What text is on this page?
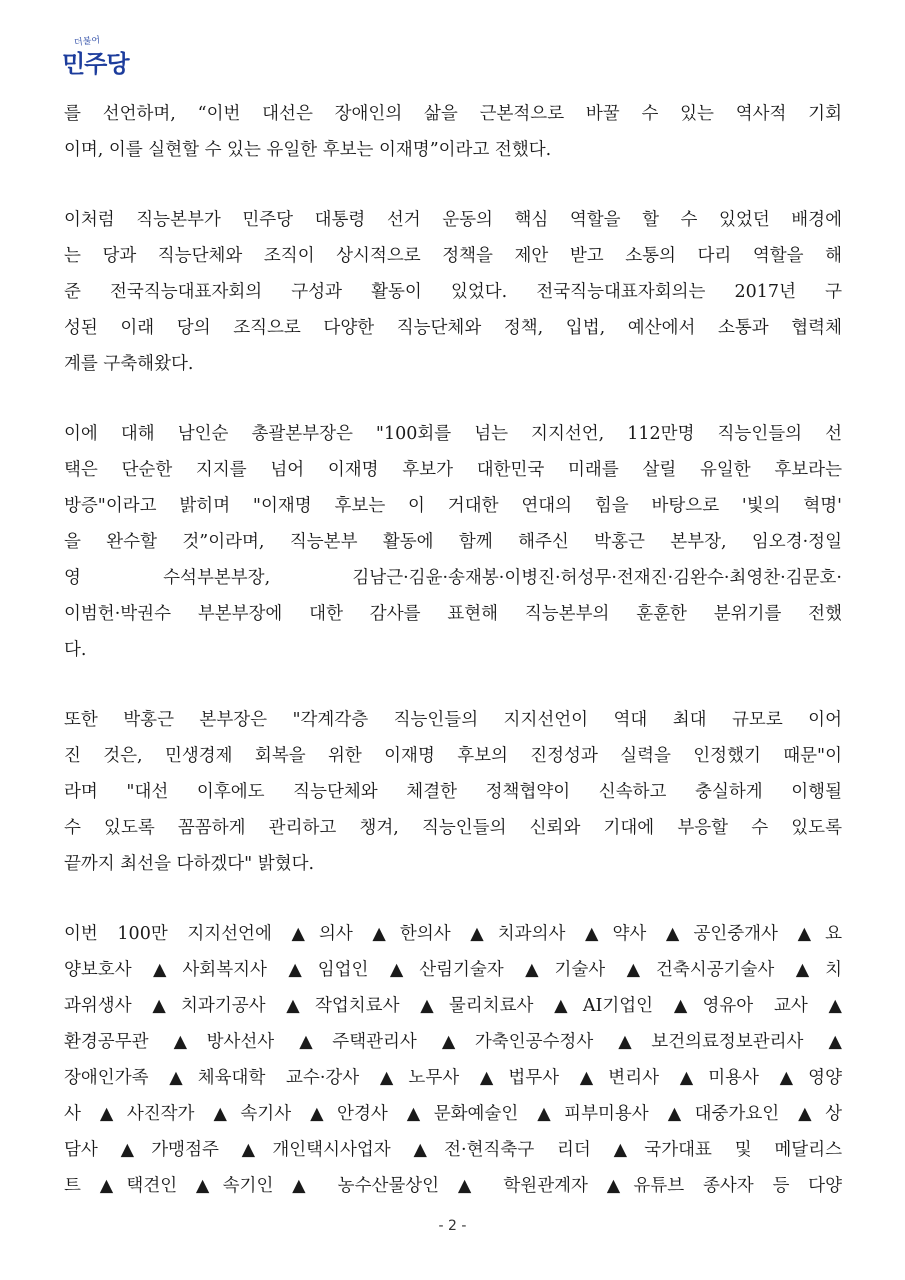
더불어
민주당
를 선언하며, “이번 대선은 장애인의 삶을 근본적으로 바꿀 수 있는 역사적 기회
이며, 이를 실현할 수 있는 유일한 후보는 이재명”이라고 전했다.
이처럼 직능본부가 민주당 대통령 선거 운동의 핵심 역할을 할 수 있었던 배경에
는 당과 직능단체와 조직이 상시적으로 정책을 제안 받고 소통의 다리 역할을 해
준 전국직능대표자회의 구성과 활동이 있었다. 전국직능대표자회의는 2017년 구
성된 이래 당의 조직으로 다양한 직능단체와 정책, 입법, 예산에서 소통과 협력체
계를 구축해왔다.
이에 대해 남인순 총괄본부장은 "100회를 넘는 지지선언, 112만명 직능인들의 선
택은 단순한 지지를 넘어 이재명 후보가 대한민국 미래를 살릴 유일한 후보라는
방증"이라고 밝히며 "이재명 후보는 이 거대한 연대의 힘을 바탕으로 '빛의 혁명'
을 완수할 것”이라며, 직능본부 활동에 함께 해주신 박홍근 본부장, 임오경·정일
영 수석부본부장, 김남근·김윤·송재봉·이병진·허성무·전재진·김완수·최영찬·김문호·
이범헌·박권수 부본부장에 대한 감사를 표현해 직능본부의 훈훈한 분위기를 전했
다.
또한 박홍근 본부장은 "각계각층 직능인들의 지지선언이 역대 최대 규모로 이어
진 것은, 민생경제 회복을 위한 이재명 후보의 진정성과 실력을 인정했기 때문"이
라며 "대선 이후에도 직능단체와 체결한 정책협약이 신속하고 충실하게 이행될
수 있도록 꼼꼼하게 관리하고 챙겨, 직능인들의 신뢰와 기대에 부응할 수 있도록
끝까지 최선을 다하겠다" 밝혔다.
이번 100만 지지선언에 ▲의사 ▲한의사 ▲치과의사 ▲약사 ▲공인중개사 ▲요
양보호사 ▲사회복지사 ▲임업인 ▲산림기술자 ▲기술사 ▲건축시공기술사 ▲치
과위생사 ▲치과기공사 ▲작업치료사 ▲물리치료사 ▲AI기업인 ▲영유아 교사 ▲
환경공무관 ▲방사선사 ▲주택관리사 ▲가축인공수정사 ▲보건의료정보관리사 ▲
장애인가족 ▲체육대학 교수·강사 ▲노무사 ▲법무사 ▲변리사 ▲미용사 ▲영양
사 ▲사진작가 ▲속기사 ▲안경사 ▲문화예술인 ▲피부미용사 ▲대중가요인 ▲상
담사 ▲가맹점주 ▲개인택시사업자 ▲전·현직축구 리더 ▲국가대표 및 메달리스
트 ▲택견인 ▲속기인 ▲ 농수산물상인 ▲ 학원관계자 ▲유튜브 종사자 등 다양
- 2 -
